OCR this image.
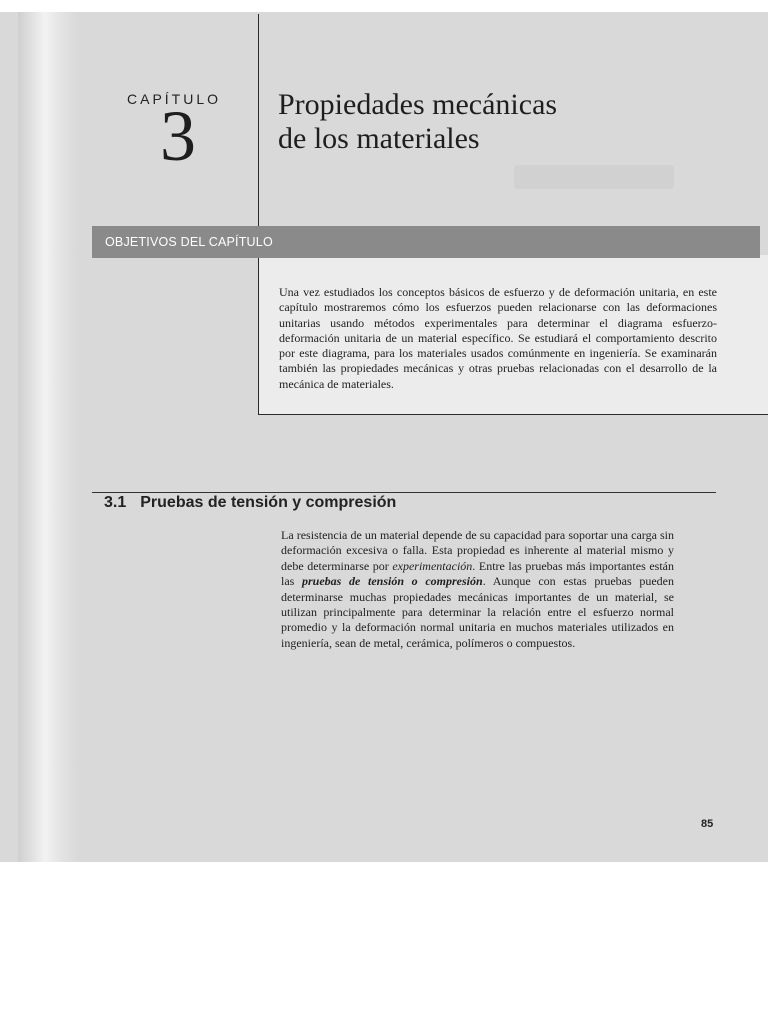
CAPÍTULO
3	Propiedades mecánicas
de los materiales
OBJETIVOS DEL CAPÍTULO
Una vez estudiados los conceptos básicos de esfuerzo y de deformación unitaria, en este capítulo mostraremos cómo los esfuerzos pueden relacionarse con las deformaciones unitarias usando métodos experimentales para determinar el diagrama esfuerzo-deformación unitaria de un material específico. Se estudiará el comportamiento descrito por este diagrama, para los materiales usados comúnmente en ingeniería. Se examinarán también las propiedades mecánicas y otras pruebas relacionadas con el desarrollo de la mecánica de materiales.
3.1 Pruebas de tensión y compresión
La resistencia de un material depende de su capacidad para soportar una carga sin deformación excesiva o falla. Esta propiedad es inherente al material mismo y debe determinarse por experimentación. Entre las pruebas más importantes están las pruebas de tensión o compresión. Aunque con estas pruebas pueden determinarse muchas propiedades mecánicas importantes de un material, se utilizan principalmente para determinar la relación entre el esfuerzo normal promedio y la deformación normal unitaria en muchos materiales utilizados en ingeniería, sean de metal, cerámica, polímeros o compuestos.
85
